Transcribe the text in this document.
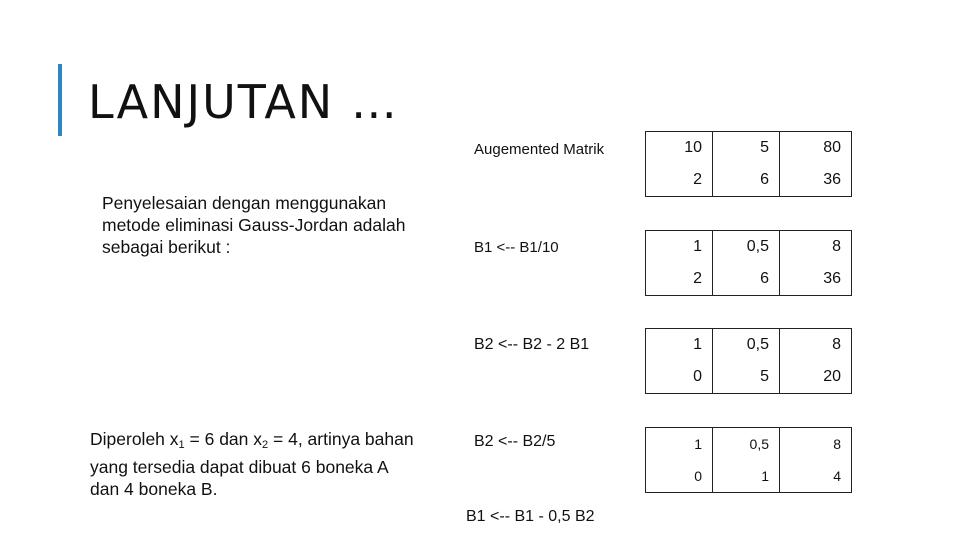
LANJUTAN …
Penyelesaian dengan menggunakan metode eliminasi Gauss-Jordan adalah sebagai berikut :
Diperoleh $x_1 = 6$ dan $x_2 = 4$, artinya bahan yang tersedia dapat dibuat 6 boneka A dan 4 boneka B.
Augemented Matrik	10	5	80
2	6	36
B1 <-- B1/10	1	0,5	8
2	6	36
B2 <-- B2 - 2 B1	1	0,5	8
0	5	20
B2 <-- B2/5	1	0,5	8
0	1	4
B1 <-- B1 - 0,5 B2
